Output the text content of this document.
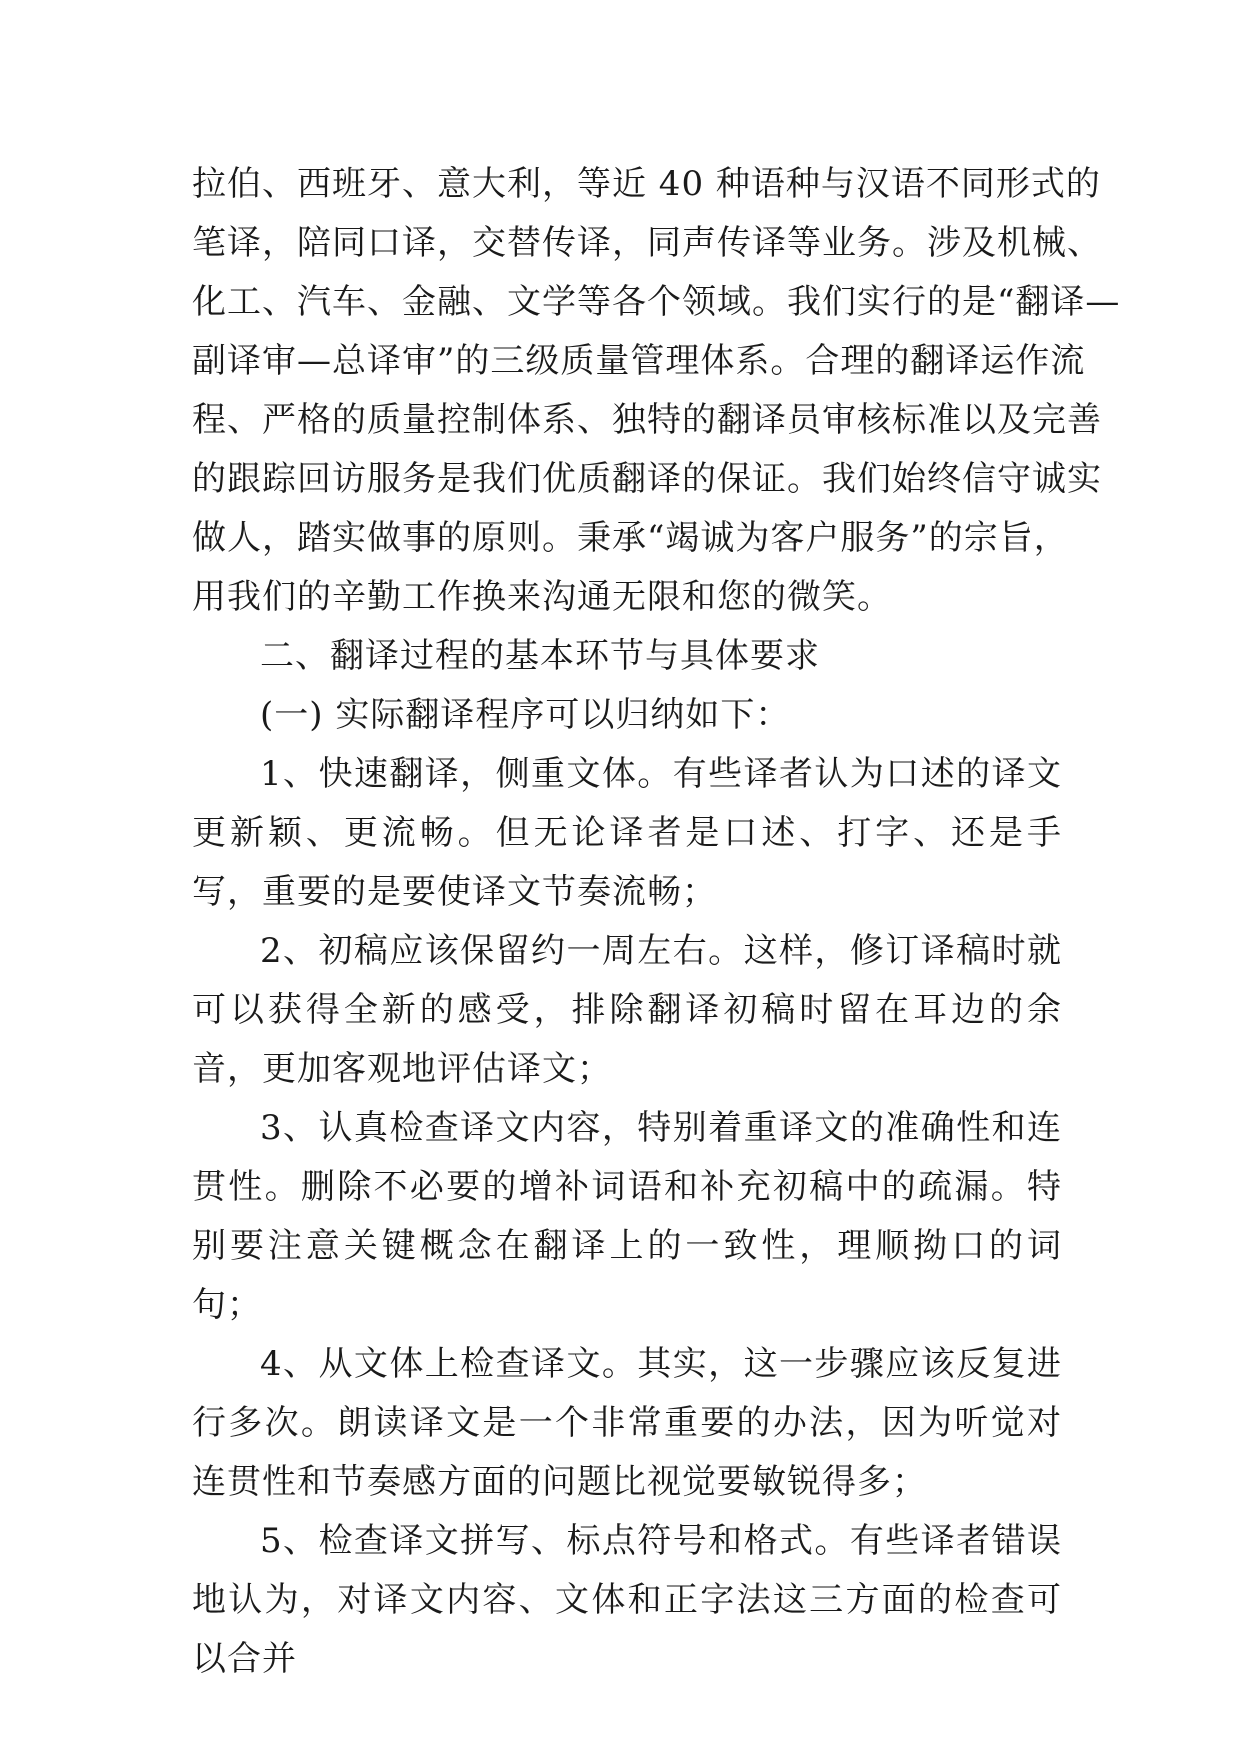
拉伯、西班牙、意大利，等近 40 种语种与汉语不同形式的
笔译，陪同口译，交替传译，同声传译等业务。涉及机械、
化工、汽车、金融、文学等各个领域。我们实行的是“翻译—
副译审—总译审”的三级质量管理体系。合理的翻译运作流
程、严格的质量控制体系、独特的翻译员审核标准以及完善
的跟踪回访服务是我们优质翻译的保证。我们始终信守诚实
做人，踏实做事的原则。秉承“竭诚为客户服务”的宗旨，
用我们的辛勤工作换来沟通无限和您的微笑。

二、翻译过程的基本环节与具体要求

(一) 实际翻译程序可以归纳如下：

1、快速翻译，侧重文体。有些译者认为口述的译文更新颖、更流畅。但无论译者是口述、打字、还是手写，重要的是要使译文节奏流畅；

2、初稿应该保留约一周左右。这样，修订译稿时就可以获得全新的感受，排除翻译初稿时留在耳边的余音，更加客观地评估译文；

3、认真检查译文内容，特别着重译文的准确性和连贯性。删除不必要的增补词语和补充初稿中的疏漏。特别要注意关键概念在翻译上的一致性，理顺拗口的词句；

4、从文体上检查译文。其实，这一步骤应该反复进行多次。朗读译文是一个非常重要的办法，因为听觉对连贯性和节奏感方面的问题比视觉要敏锐得多；

5、检查译文拼写、标点符号和格式。有些译者错误地认为，对译文内容、文体和正字法这三方面的检查可以合并
